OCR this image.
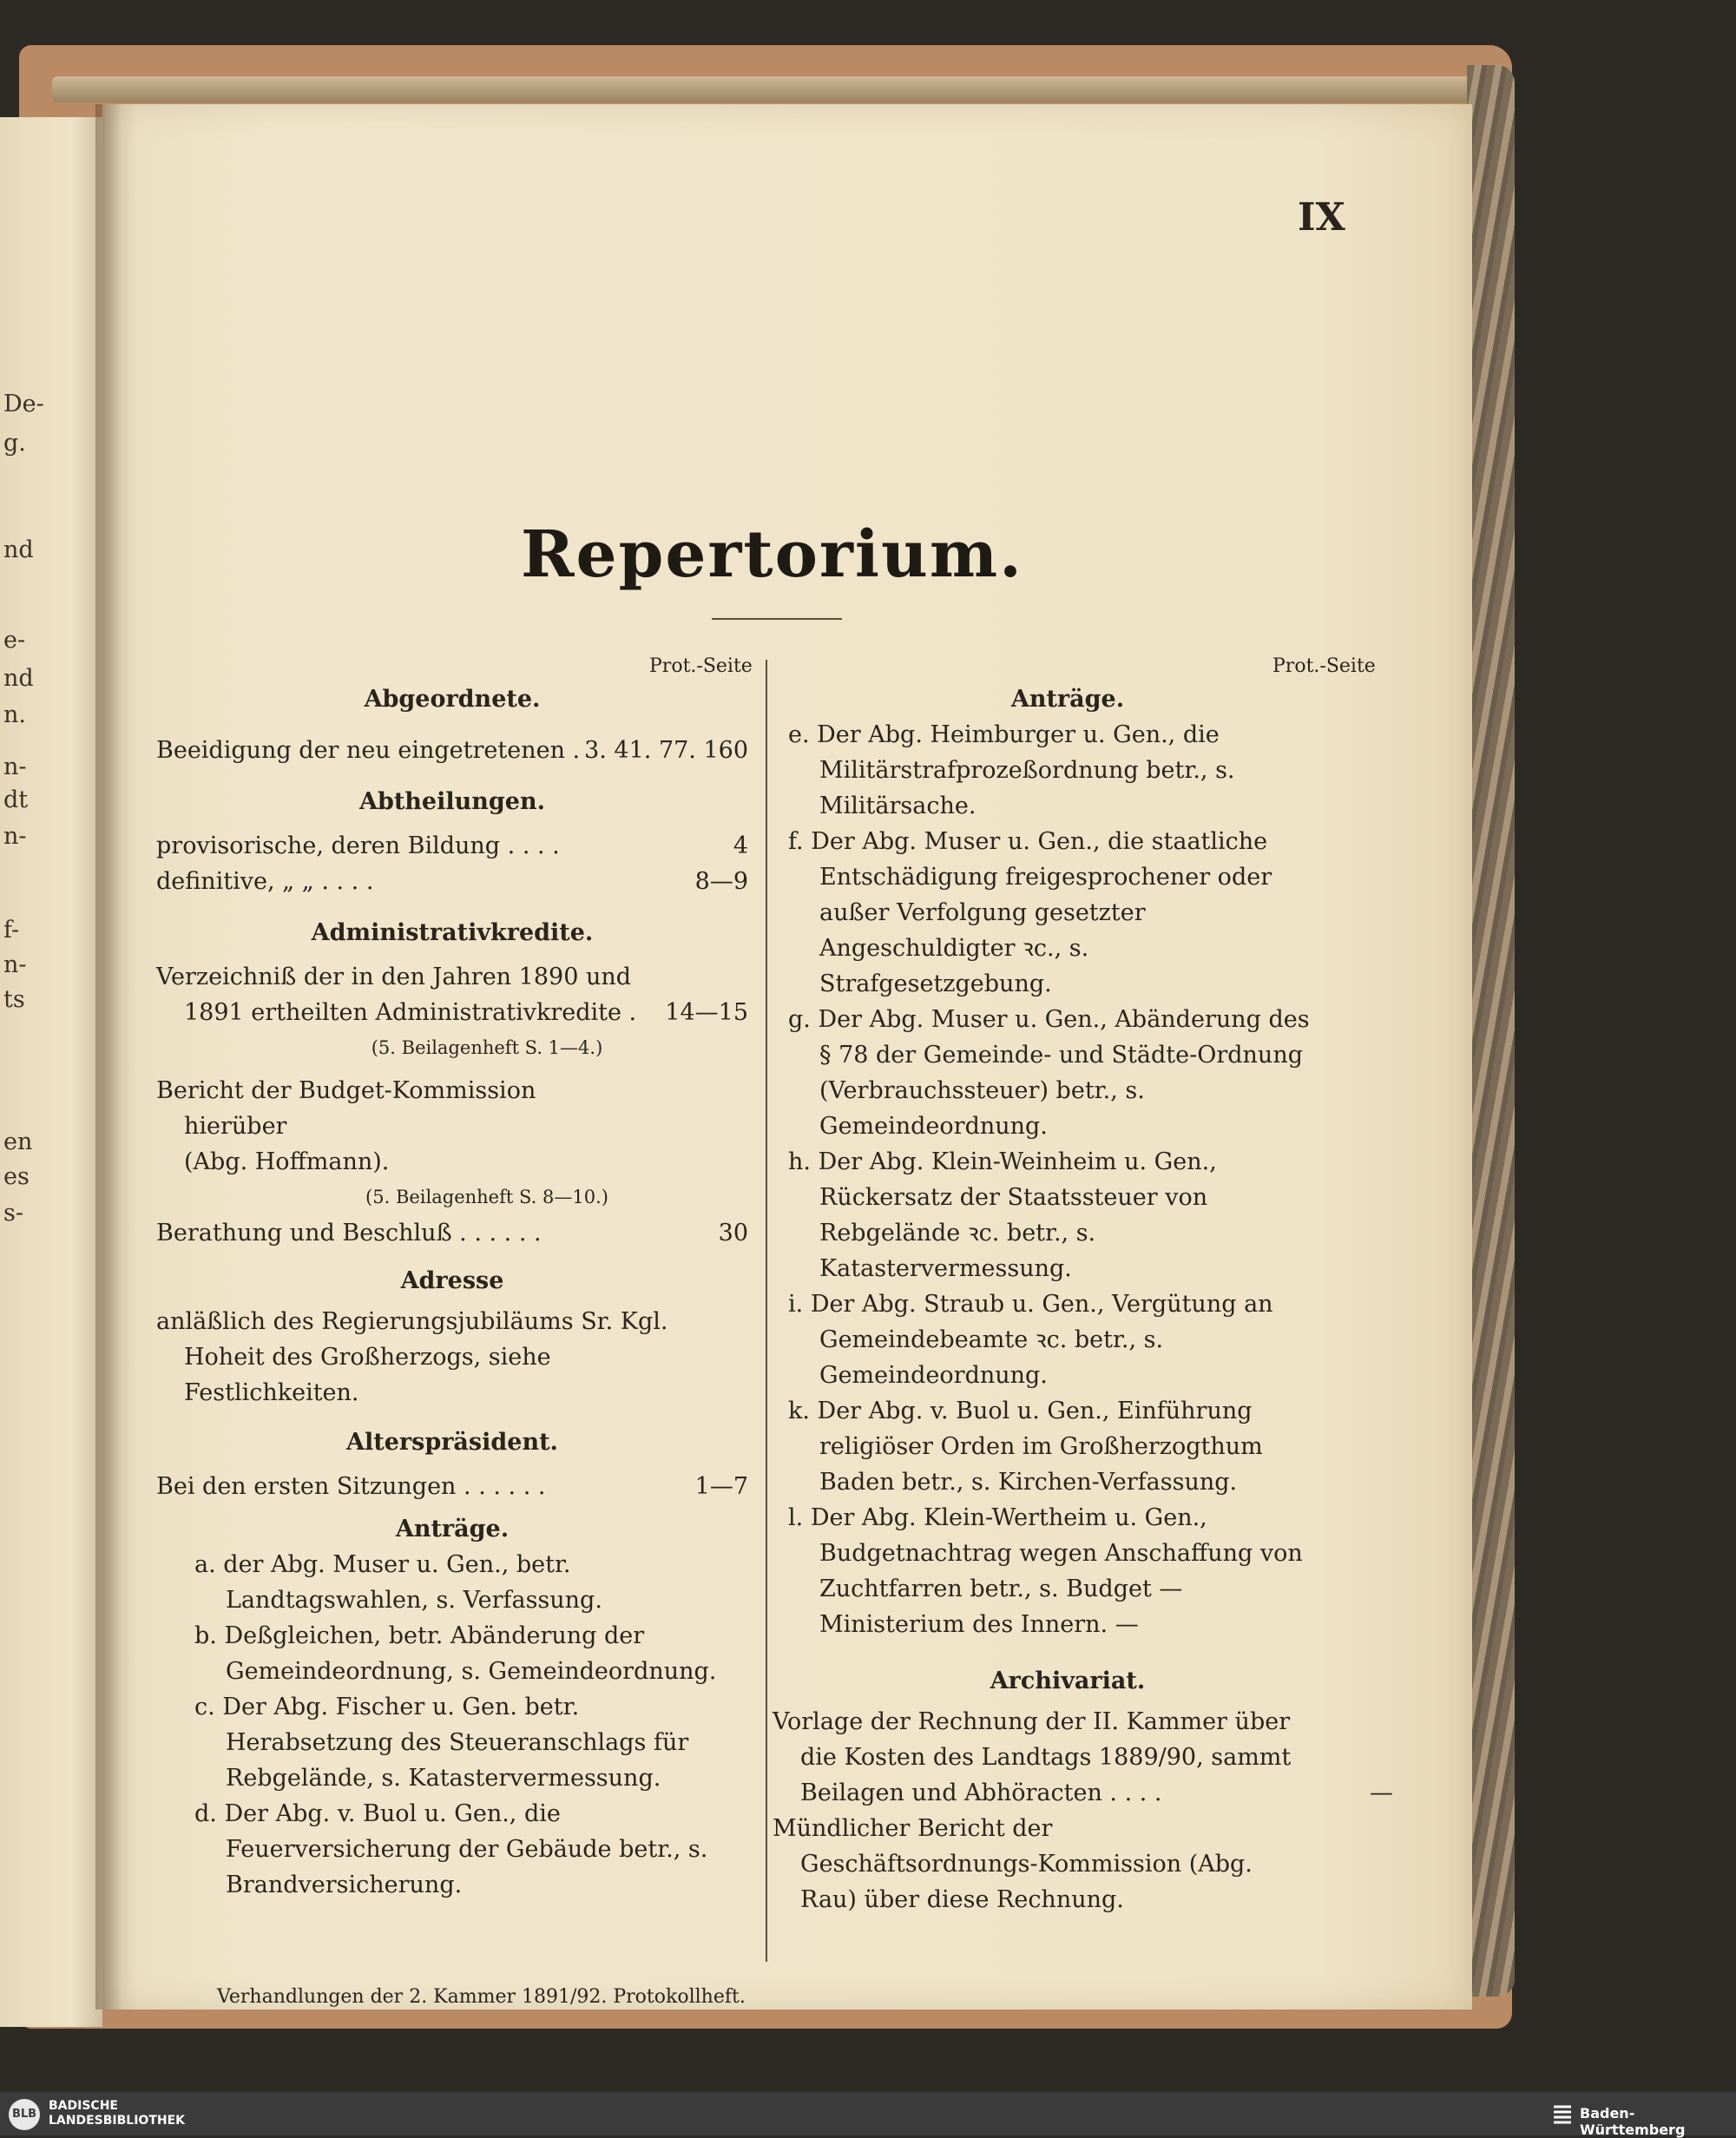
De-
g.
nd
e-
nd
n.
n-
dt
n-
f-
n-
ts
en
es
s-
IX
Repertorium.
Prot.-Seite	Prot.-Seite

Abgeordnete.

Beeidigung der neu eingetretenen . 3. 41. 77. 160

Abtheilungen.

provisorische, deren Bildung . . . .	4

definitive, „ „ . . . .	8—9

Administrativkredite.

Verzeichniß der in den Jahren 1890 und
1891 ertheilten Administrativkredite .	14—15

(5. Beilagenheft S. 1—4.)

Bericht der Budget-Kommission hierüber
(Abg. Hoffmann).

(5. Beilagenheft S. 8—10.)

Berathung und Beschluß . . . . . .	30

Adresse

anläßlich des Regierungsjubiläums Sr. Kgl. Hoheit des Großherzogs, siehe Festlichkeiten.

Alterspräsident.

Bei den ersten Sitzungen . . . . . .	1—7

Anträge.

a. der Abg. Muser u. Gen., betr. Landtagswahlen, s. Verfassung.

b. Deßgleichen, betr. Abänderung der Gemeindeordnung, s. Gemeindeordnung.

c. Der Abg. Fischer u. Gen. betr. Herabsetzung des Steueranschlags für Rebgelände, s. Katastervermessung.

d. Der Abg. v. Buol u. Gen., die Feuerversicherung der Gebäude betr., s. Brandversicherung.

Anträge.

e. Der Abg. Heimburger u. Gen., die Militärstrafprozeßordnung betr., s. Militärsache.

f. Der Abg. Muser u. Gen., die staatliche Entschädigung freigesprochener oder außer Verfolgung gesetzter Angeschuldigter ꝛc., s. Strafgesetzgebung.

g. Der Abg. Muser u. Gen., Abänderung des § 78 der Gemeinde- und Städte-Ordnung (Verbrauchssteuer) betr., s. Gemeindeordnung.

h. Der Abg. Klein-Weinheim u. Gen., Rückersatz der Staatssteuer von Rebgelände ꝛc. betr., s. Katastervermessung.

i. Der Abg. Straub u. Gen., Vergütung an Gemeindebeamte ꝛc. betr., s. Gemeindeordnung.

k. Der Abg. v. Buol u. Gen., Einführung religiöser Orden im Großherzogthum Baden betr., s. Kirchen-Verfassung.

l. Der Abg. Klein-Wertheim u. Gen., Budgetnachtrag wegen Anschaffung von Zuchtfarren betr., s. Budget — Ministerium des Innern. —

Archivariat.

Vorlage der Rechnung der II. Kammer über die Kosten des Landtags 1889/90, sammt Beilagen und Abhöracten . . . .	—

Mündlicher Bericht der Geschäftsordnungs-Kommission (Abg. Rau) über diese Rechnung.

Verhandlungen der 2. Kammer 1891/92. Protokollheft.
BLB
BADISCHE
LANDESBIBLIOTHEK	Baden-Württemberg
